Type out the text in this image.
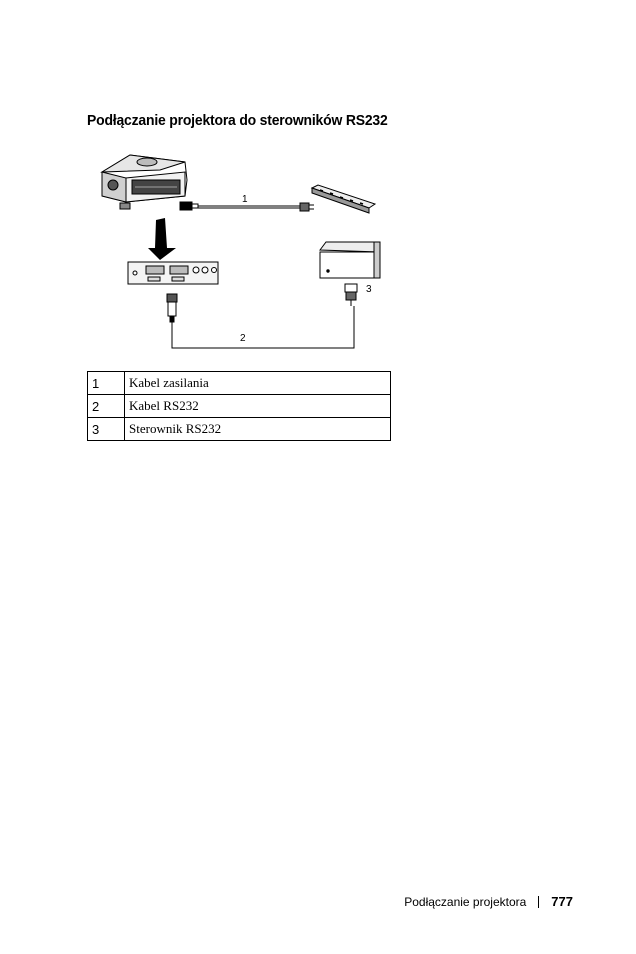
Podłączanie projektora do sterowników RS232
1
3
2
1	Kabel zasilania
2	Kabel RS232
3	Sterownik RS232
Podłączanie projektora 777
